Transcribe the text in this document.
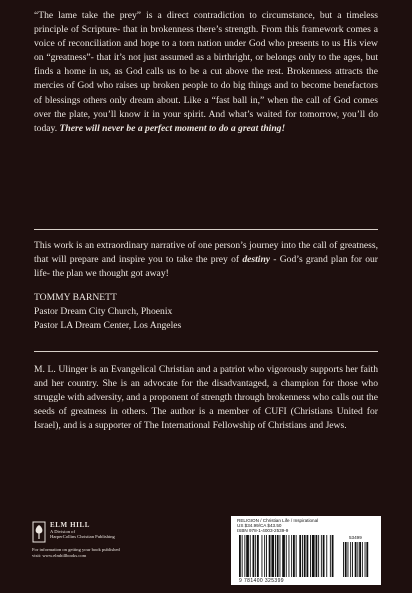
“The lame take the prey” is a direct contradiction to circumstance, but a timeless principle of Scripture- that in brokenness there’s strength. From this framework comes a voice of reconciliation and hope to a torn nation under God who presents to us His view on “greatness”- that it’s not just assumed as a birthright, or belongs only to the ages, but finds a home in us, as God calls us to be a cut above the rest. Brokenness attracts the mercies of God who raises up broken people to do big things and to become benefactors of blessings others only dream about. Like a “fast ball in,” when the call of God comes over the plate, you’ll know it in your spirit. And what’s waited for tomorrow, you’ll do today. There will never be a perfect moment to do a great thing!

This work is an extraordinary narrative of one person’s journey into the call of greatness, that will prepare and inspire you to take the prey of destiny - God’s grand plan for our life- the plan we thought got away!

TOMMY BARNETT
Pastor Dream City Church, Phoenix
Pastor LA Dream Center, Los Angeles

M. L. Ulinger is an Evangelical Christian and a patriot who vigorously supports her faith and her country. She is an advocate for the disadvantaged, a champion for those who struggle with adversity, and a proponent of strength through brokenness who calls out the seeds of greatness in others. The author is a member of CUFI (Christians United for Israel), and is a supporter of The International Fellowship of Christians and Jews.

ELM HILL
A Division of
HarperCollins Christian Publishing
For information on getting your book published
visit: www.elmhillbooks.com
RELIGION / Christian Life / Inspirational
US $34.99/CA $43.50
ISBN 978-1-4003-2539-9
53499
9 781400 325399
